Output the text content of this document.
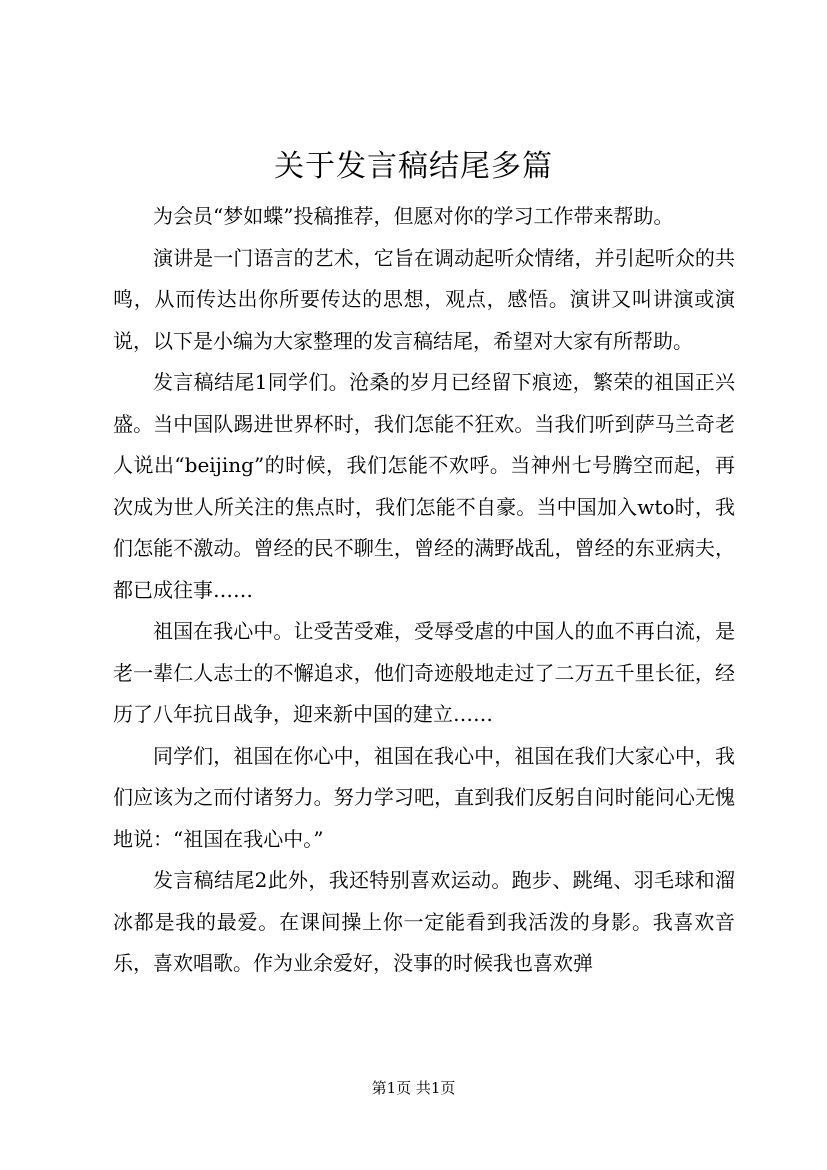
关于发言稿结尾多篇

为会员“梦如蝶”投稿推荐，但愿对你的学习工作带来帮助。

演讲是一门语言的艺术，它旨在调动起听众情绪，并引起听众的共鸣，从而传达出你所要传达的思想，观点，感悟。演讲又叫讲演或演说，以下是小编为大家整理的发言稿结尾，希望对大家有所帮助。

发言稿结尾1同学们。沧桑的岁月已经留下痕迹，繁荣的祖国正兴盛。当中国队踢进世界杯时，我们怎能不狂欢。当我们听到萨马兰奇老人说出“beijing”的时候，我们怎能不欢呼。当神州七号腾空而起，再次成为世人所关注的焦点时，我们怎能不自豪。当中国加入wto时，我们怎能不激动。曾经的民不聊生，曾经的满野战乱，曾经的东亚病夫，都已成往事……

祖国在我心中。让受苦受难，受辱受虐的中国人的血不再白流，是老一辈仁人志士的不懈追求，他们奇迹般地走过了二万五千里长征，经历了八年抗日战争，迎来新中国的建立……

同学们，祖国在你心中，祖国在我心中，祖国在我们大家心中，我们应该为之而付诸努力。努力学习吧，直到我们反躬自问时能问心无愧地说：“祖国在我心中。”

发言稿结尾2此外，我还特别喜欢运动。跑步、跳绳、羽毛球和溜冰都是我的最爱。在课间操上你一定能看到我活泼的身影。我喜欢音乐，喜欢唱歌。作为业余爱好，没事的时候我也喜欢弹

第1页 共1页
